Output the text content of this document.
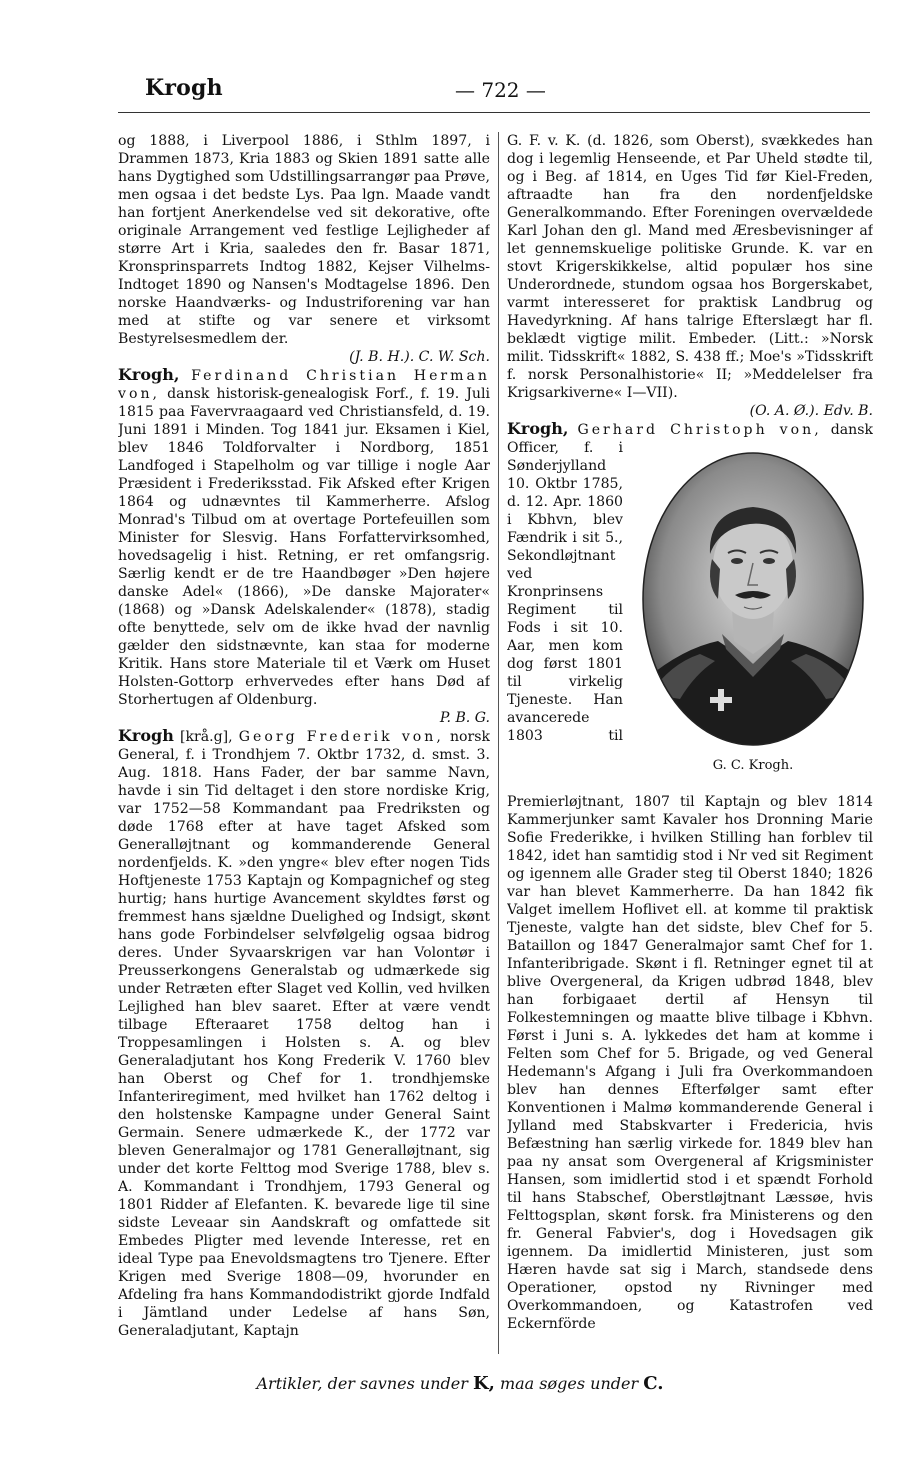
Krogh	— 722 —

og 1888, i Liverpool 1886, i Sthlm 1897, i Drammen 1873, Kria 1883 og Skien 1891 satte alle hans Dygtighed som Udstillingsarrangør paa Prøve, men ogsaa i det bedste Lys. Paa lgn. Maade vandt han fortjent Anerkendelse ved sit dekorative, ofte originale Arrangement ved festlige Lejligheder af større Art i Kria, saaledes den fr. Basar 1871, Kronsprinsparrets Indtog 1882, Kejser Vilhelms-Indtoget 1890 og Nansen's Modtagelse 1896. Den norske Haandværks- og Industriforening var han med at stifte og var senere et virksomt Bestyrelsesmedlem der.
(J. B. H.). C. W. Sch.

Krogh, Ferdinand Christian Herman von, dansk historisk-genealogisk Forf., f. 19. Juli 1815 paa Favervraagaard ved Christiansfeld, d. 19. Juni 1891 i Minden. Tog 1841 jur. Eksamen i Kiel, blev 1846 Toldforvalter i Nordborg, 1851 Landfoged i Stapelholm og var tillige i nogle Aar Præsident i Frederiksstad. Fik Afsked efter Krigen 1864 og udnævntes til Kammerherre. Afslog Monrad's Tilbud om at overtage Portefeuillen som Minister for Slesvig. Hans Forfattervirksomhed, hovedsagelig i hist. Retning, er ret omfangsrig. Særlig kendt er de tre Haandbøger »Den højere danske Adel« (1866), »De danske Majorater« (1868) og »Dansk Adelskalender« (1878), stadig ofte benyttede, selv om de ikke hvad der navnlig gælder den sidstnævnte, kan staa for moderne Kritik. Hans store Materiale til et Værk om Huset Holsten-Gottorp erhvervedes efter hans Død af Storhertugen af Oldenburg.
P. B. G.

Krogh [krå.g], Georg Frederik von, norsk General, f. i Trondhjem 7. Oktbr 1732, d. smst. 3. Aug. 1818. Hans Fader, der bar samme Navn, havde i sin Tid deltaget i den store nordiske Krig, var 1752—58 Kommandant paa Fredriksten og døde 1768 efter at have taget Afsked som Generalløjtnant og kommanderende General nordenfjelds. K. »den yngre« blev efter nogen Tids Hoftjeneste 1753 Kaptajn og Kompagnichef og steg hurtig; hans hurtige Avancement skyldtes først og fremmest hans sjældne Duelighed og Indsigt, skønt hans gode Forbindelser selvfølgelig ogsaa bidrog deres. Under Syvaarskrigen var han Volontør i Preusserkongens Generalstab og udmærkede sig under Retræten efter Slaget ved Kollin, ved hvilken Lejlighed han blev saaret. Efter at være vendt tilbage Efteraaret 1758 deltog han i Troppesamlingen i Holsten s. A. og blev Generaladjutant hos Kong Frederik V. 1760 blev han Oberst og Chef for 1. trondhjemske Infanteriregiment, med hvilket han 1762 deltog i den holstenske Kampagne under General Saint Germain. Senere udmærkede K., der 1772 var bleven Generalmajor og 1781 Generalløjtnant, sig under det korte Felttog mod Sverige 1788, blev s. A. Kommandant i Trondhjem, 1793 General og 1801 Ridder af Elefanten. K. bevarede lige til sine sidste Leveaar sin Aandskraft og omfattede sit Embedes Pligter med levende Interesse, ret en ideal Type paa Enevoldsmagtens tro Tjenere. Efter Krigen med Sverige 1808—09, hvorunder en Afdeling fra hans Kommandodistrikt gjorde Indfald i Jämtland under Ledelse af hans Søn, Generaladjutant, Kaptajn

G. F. v. K. (d. 1826, som Oberst), svækkedes han dog i legemlig Henseende, et Par Uheld stødte til, og i Beg. af 1814, en Uges Tid før Kiel-Freden, aftraadte han fra den nordenfjeldske Generalkommando. Efter Foreningen overvældede Karl Johan den gl. Mand med Æresbevisninger af let gennemskuelige politiske Grunde. K. var en stovt Krigerskikkelse, altid populær hos sine Underordnede, stundom ogsaa hos Borgerskabet, varmt interesseret for praktisk Landbrug og Havedyrkning. Af hans talrige Efterslægt har fl. beklædt vigtige milit. Embeder. (Litt.: »Norsk milit. Tidsskrift« 1882, S. 438 ff.; Moe's »Tidsskrift f. norsk Personalhistorie« II; »Meddelelser fra Krigsarkiverne« I—VII).
(O. A. Ø.). Edv. B.

Krogh, Gerhard Christoph von,
G. C. Krogh.
dansk Officer, f. i Sønderjylland 10. Oktbr 1785, d. 12. Apr. 1860 i Kbhvn, blev Fændrik i sit 5., Sekondløjtnant ved Kronprinsens Regiment til Fods i sit 10. Aar, men kom dog først 1801 til virkelig Tjeneste. Han avancerede 1803 til Premierløjtnant, 1807 til Kaptajn og blev 1814 Kammerjunker samt Kavaler hos Dronning Marie Sofie Frederikke, i hvilken Stilling han forblev til 1842, idet han samtidig stod i Nr ved sit Regiment og igennem alle Grader steg til Oberst 1840; 1826 var han blevet Kammerherre. Da han 1842 fik Valget imellem Hoflivet ell. at komme til praktisk Tjeneste, valgte han det sidste, blev Chef for 5. Bataillon og 1847 Generalmajor samt Chef for 1. Infanteribrigade. Skønt i fl. Retninger egnet til at blive Overgeneral, da Krigen udbrød 1848, blev han forbigaaet dertil af Hensyn til Folkestemningen og maatte blive tilbage i Kbhvn. Først i Juni s. A. lykkedes det ham at komme i Felten som Chef for 5. Brigade, og ved General Hedemann's Afgang i Juli fra Overkommandoen blev han dennes Efterfølger samt efter Konventionen i Malmø kommanderende General i Jylland med Stabskvarter i Fredericia, hvis Befæstning han særlig virkede for. 1849 blev han paa ny ansat som Overgeneral af Krigsminister Hansen, som imidlertid stod i et spændt Forhold til hans Stabschef, Oberstløjtnant Læssøe, hvis Felttogsplan, skønt forsk. fra Ministerens og den fr. General Fabvier's, dog i Hovedsagen gik igennem. Da imidlertid Ministeren, just som Hæren havde sat sig i March, standsede dens Operationer, opstod ny Rivninger med Overkommandoen, og Katastrofen ved Eckernförde

Artikler, der savnes under K, maa søges under C.
